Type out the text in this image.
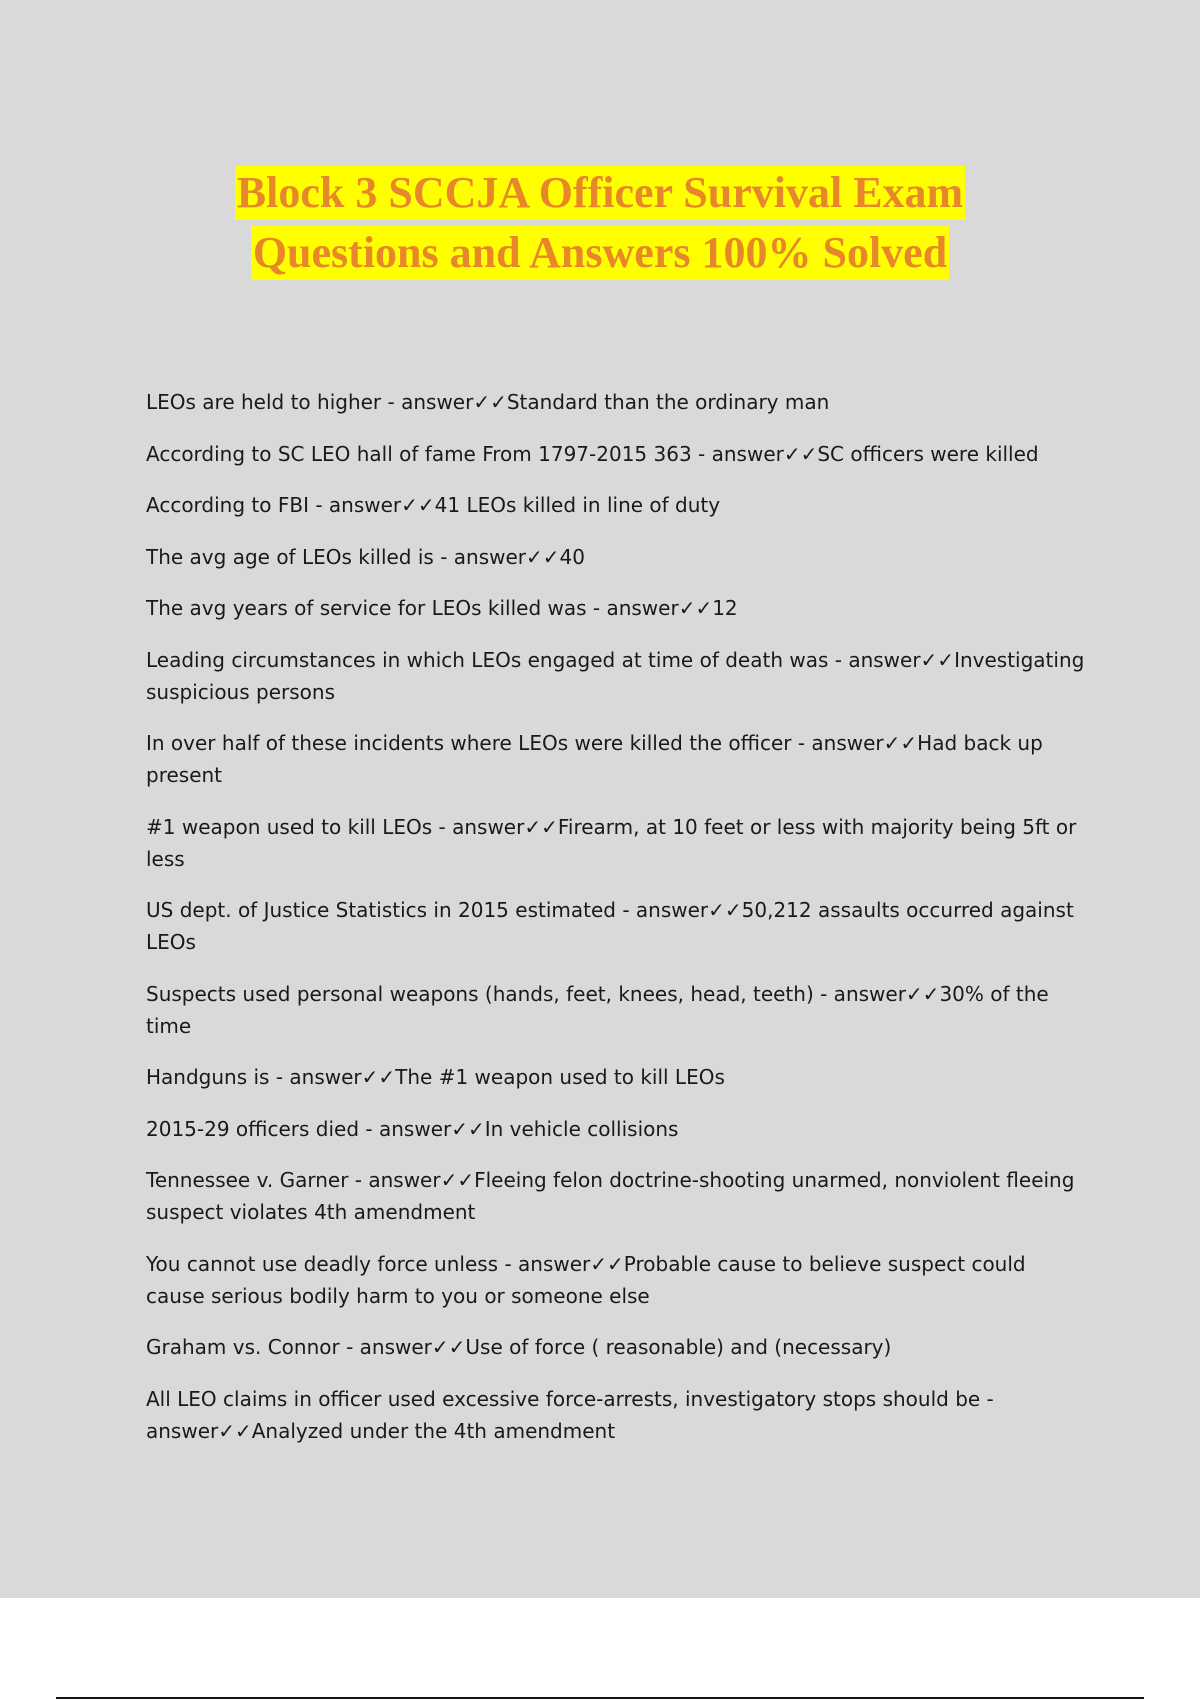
Block 3 SCCJA Officer Survival Exam
Questions and Answers 100% Solved
LEOs are held to higher - answer✓✓Standard than the ordinary man
According to SC LEO hall of fame From 1797-2015 363 - answer✓✓SC officers were killed
According to FBI - answer✓✓41 LEOs killed in line of duty
The avg age of LEOs killed is - answer✓✓40
The avg years of service for LEOs killed was - answer✓✓12
Leading circumstances in which LEOs engaged at time of death was - answer✓✓Investigating suspicious persons
In over half of these incidents where LEOs were killed the officer - answer✓✓Had back up present
#1 weapon used to kill LEOs - answer✓✓Firearm, at 10 feet or less with majority being 5ft or less
US dept. of Justice Statistics in 2015 estimated - answer✓✓50,212 assaults occurred against LEOs
Suspects used personal weapons (hands, feet, knees, head, teeth) - answer✓✓30% of the time
Handguns is - answer✓✓The #1 weapon used to kill LEOs
2015-29 officers died - answer✓✓In vehicle collisions
Tennessee v. Garner - answer✓✓Fleeing felon doctrine-shooting unarmed, nonviolent fleeing suspect violates 4th amendment
You cannot use deadly force unless - answer✓✓Probable cause to believe suspect could cause serious bodily harm to you or someone else
Graham vs. Connor - answer✓✓Use of force ( reasonable) and (necessary)
All LEO claims in officer used excessive force-arrests, investigatory stops should be - answer✓✓Analyzed under the 4th amendment
